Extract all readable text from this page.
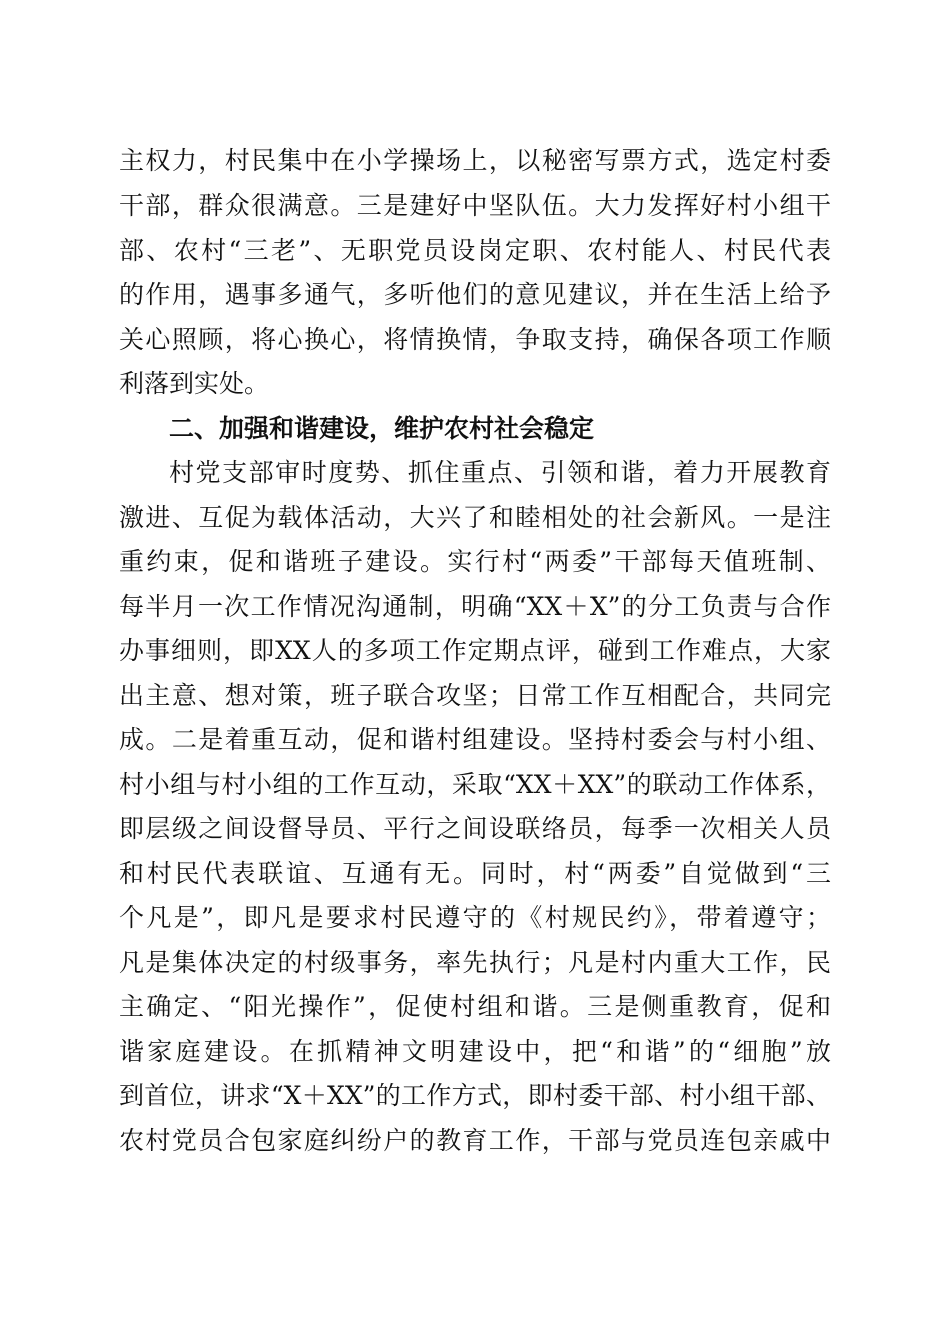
主权力，村民集中在小学操场上，以秘密写票方式，选定村委
干部，群众很满意。三是建好中坚队伍。大力发挥好村小组干
部、农村“三老”、无职党员设岗定职、农村能人、村民代表
的作用，遇事多通气，多听他们的意见建议，并在生活上给予
关心照顾，将心换心，将情换情，争取支持，确保各项工作顺
利落到实处。
二、加强和谐建设，维护农村社会稳定
村党支部审时度势、抓住重点、引领和谐，着力开展教育
激进、互促为载体活动，大兴了和睦相处的社会新风。一是注
重约束，促和谐班子建设。实行村“两委”干部每天值班制、
每半月一次工作情况沟通制，明确“XX＋X”的分工负责与合作
办事细则，即XX人的多项工作定期点评，碰到工作难点，大家
出主意、想对策，班子联合攻坚；日常工作互相配合，共同完
成。二是着重互动，促和谐村组建设。坚持村委会与村小组、
村小组与村小组的工作互动，采取“XX＋XX”的联动工作体系，
即层级之间设督导员、平行之间设联络员，每季一次相关人员
和村民代表联谊、互通有无。同时，村“两委”自觉做到“三
个凡是”，即凡是要求村民遵守的《村规民约》，带着遵守；
凡是集体决定的村级事务，率先执行；凡是村内重大工作，民
主确定、“阳光操作”，促使村组和谐。三是侧重教育，促和
谐家庭建设。在抓精神文明建设中，把“和谐”的“细胞”放
到首位，讲求“X＋XX”的工作方式，即村委干部、村小组干部、
农村党员合包家庭纠纷户的教育工作，干部与党员连包亲戚中
